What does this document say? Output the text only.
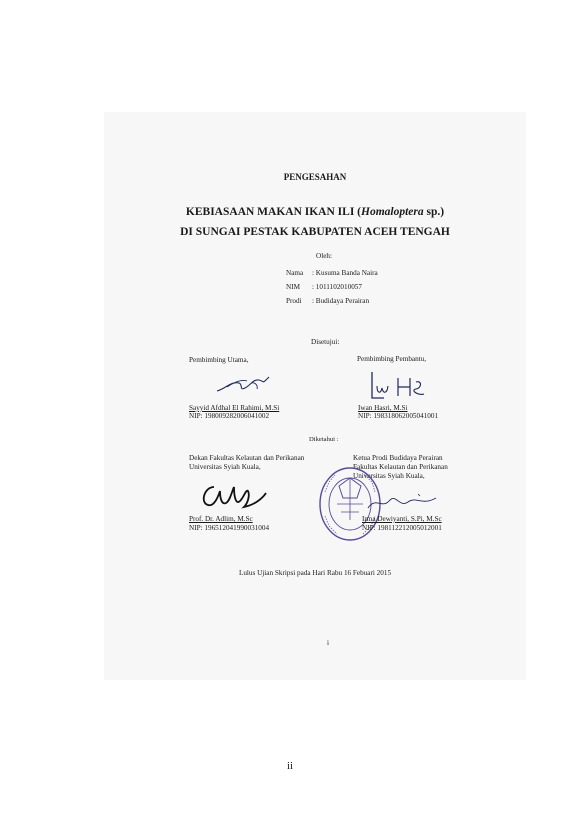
PENGESAHAN
KEBIASAAN MAKAN IKAN ILI (Homaloptera sp.)
DI SUNGAI PESTAK KABUPATEN ACEH TENGAH
Oleh:
Nama : Kusuma Banda Naira
NIM : 1011102010057
Prodi : Budidaya Perairan
Disetujui:
Pembimbing Utama,	Pembimbing Pembantu,
Sayyid Afdhal El Rahimi, M.Si
NIP: 198009282006041002
Iwan Hasri, M.Si
NIP: 198318062005041001
Diketahui :
Dekan Fakultas Kelautan dan Perikanan
Universitas Syiah Kuala,
Ketua Prodi Budidaya Perairan
Fakultas Kelautan dan Perikanan
Universitas Syiah Kuala,
Prof. Dr. Adlim, M.Sc
NIP: 196512041990031004
Irma Dewiyanti, S.Pi, M.Sc
NIP: 198112212005012001
Lulus Ujian Skripsi pada Hari Rabu 16 Febuari 2015
i
ii
